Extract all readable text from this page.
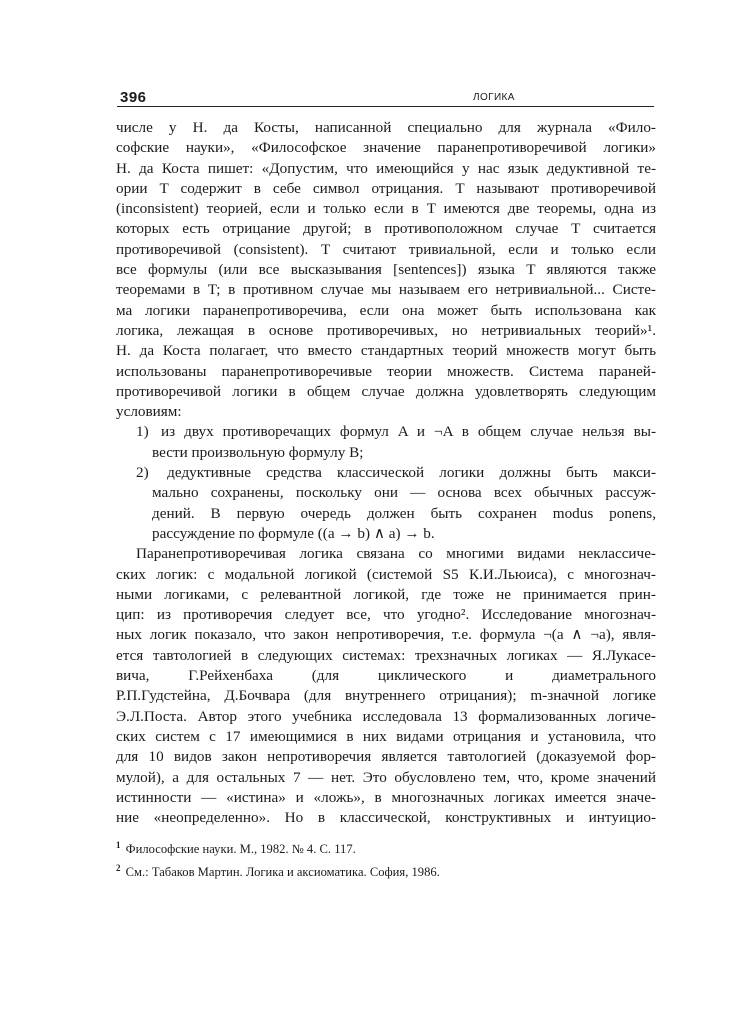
396	ЛОГИКА
числе у Н. да Косты, написанной специально для журнала «Фило-
софские науки», «Философское значение паранепротиворечивой логики»
Н. да Коста пишет: «Допустим, что имеющийся у нас язык дедуктивной те-
ории T содержит в себе символ отрицания. T называют противоречивой
(inconsistent) теорией, если и только если в T имеются две теоремы, одна из
которых есть отрицание другой; в противоположном случае T считается
противоречивой (consistent). T считают тривиальной, если и только если
все формулы (или все высказывания [sentences]) языка T являются также
теоремами в T; в противном случае мы называем его нетривиальной... Систе-
ма логики паранепротиворечива, если она может быть использована как
логика, лежащая в основе противоречивых, но нетривиальных теорий»¹.
Н. да Коста полагает, что вместо стандартных теорий множеств могут быть
использованы паранепротиворечивые теории множеств. Система параней-
противоречивой логики в общем случае должна удовлетворять следующим
условиям:
1) из двух противоречащих формул A и ¬A в общем случае нельзя вы-
вести произвольную формулу B;
2) дедуктивные средства классической логики должны быть макси-
мально сохранены, поскольку они — основа всех обычных рассуж-
дений. В первую очередь должен быть сохранен modus ponens,
рассуждение по формуле ((a → b) ∧ a) → b.
Паранепротиворечивая логика связана со многими видами неклассиче-
ских логик: с модальной логикой (системой S5 К.И.Льюиса), с многознач-
ными логиками, с релевантной логикой, где тоже не принимается прин-
цип: из противоречия следует все, что угодно². Исследование многознач-
ных логик показало, что закон непротиворечия, т.е. формула ¬(a ∧ ¬a), явля-
ется тавтологией в следующих системах: трехзначных логиках — Я.Лукасе-
вича, Г.Рейхенбаха (для циклического и диаметрального
Р.П.Гудстейна, Д.Бочвара (для внутреннего отрицания); m-значной логике
Э.Л.Поста. Автор этого учебника исследовала 13 формализованных логиче-
ских систем с 17 имеющимися в них видами отрицания и установила, что
для 10 видов закон непротиворечия является тавтологией (доказуемой фор-
мулой), а для остальных 7 — нет. Это обусловлено тем, что, кроме значений
истинности — «истина» и «ложь», в многозначных логиках имеется значе-
ние «неопределенно». Но в классической, конструктивных и интуицио-
$^1$ Философские науки. М., 1982. № 4. С. 117.
$^2$ См.: Табаков Мартин. Логика и аксиоматика. София, 1986.
